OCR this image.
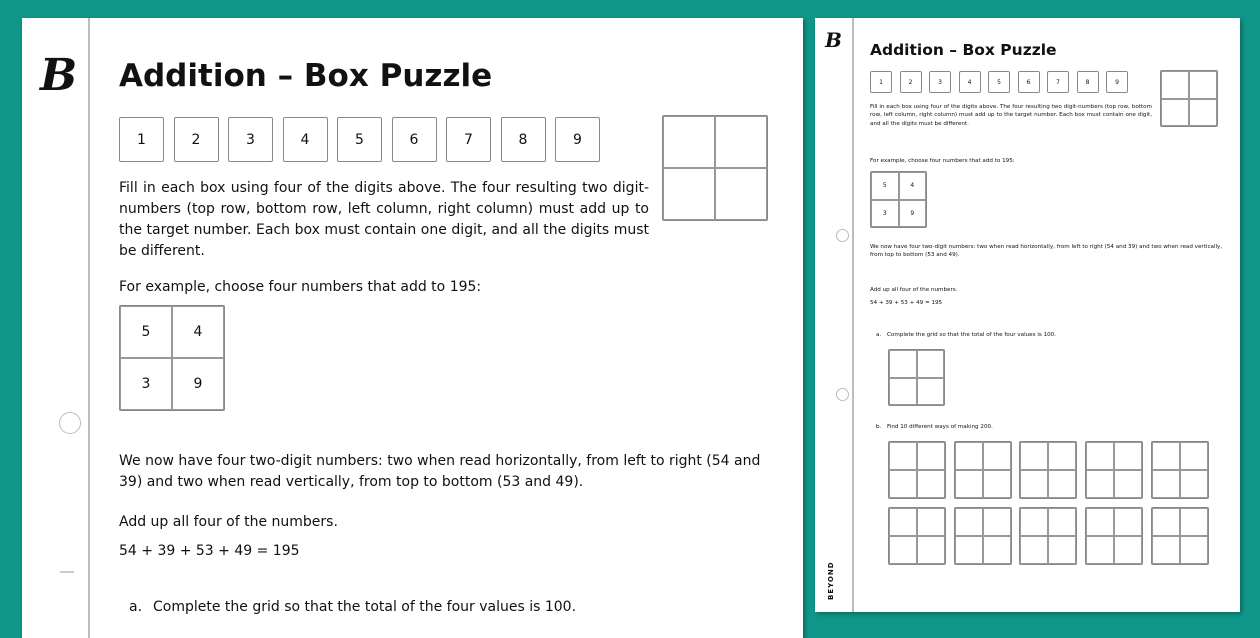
B Addition – Box Puzzle
Fill in each box using four of the digits above. The four resulting two digit-numbers (top row, bottom row, left column, right column) must add up to the target number. Each box must contain one digit, and all the digits must be different.
For example, choose four numbers that add to 195:
5	4
3	9
We now have four two-digit numbers: two when read horizontally, from left to right (54 and 39) and two when read vertically, from top to bottom (53 and 49).
Add up all four of the numbers.
54 + 39 + 53 + 49 = 195
a. Complete the grid so that the total of the four values is 100.
1	2	3	4	5	6	7	8	9
B
BEYOND
Addition – Box Puzzle
Fill in each box using four of the digits above. The four resulting two digit-numbers (top row, bottom row, left column, right column) must add up to the target number. Each box must contain one digit, and all the digits must be different.
For example, choose four numbers that add to 195:
5	4
3	9
We now have four two-digit numbers: two when read horizontally, from left to right (54 and 39) and two when read vertically, from top to bottom (53 and 49).
Add up all four of the numbers.
54 + 39 + 53 + 49 = 195
a. Complete the grid so that the total of the four values is 100.
b. Find 10 different ways of making 200.
1	2	3	4	5	6	7	8	9
